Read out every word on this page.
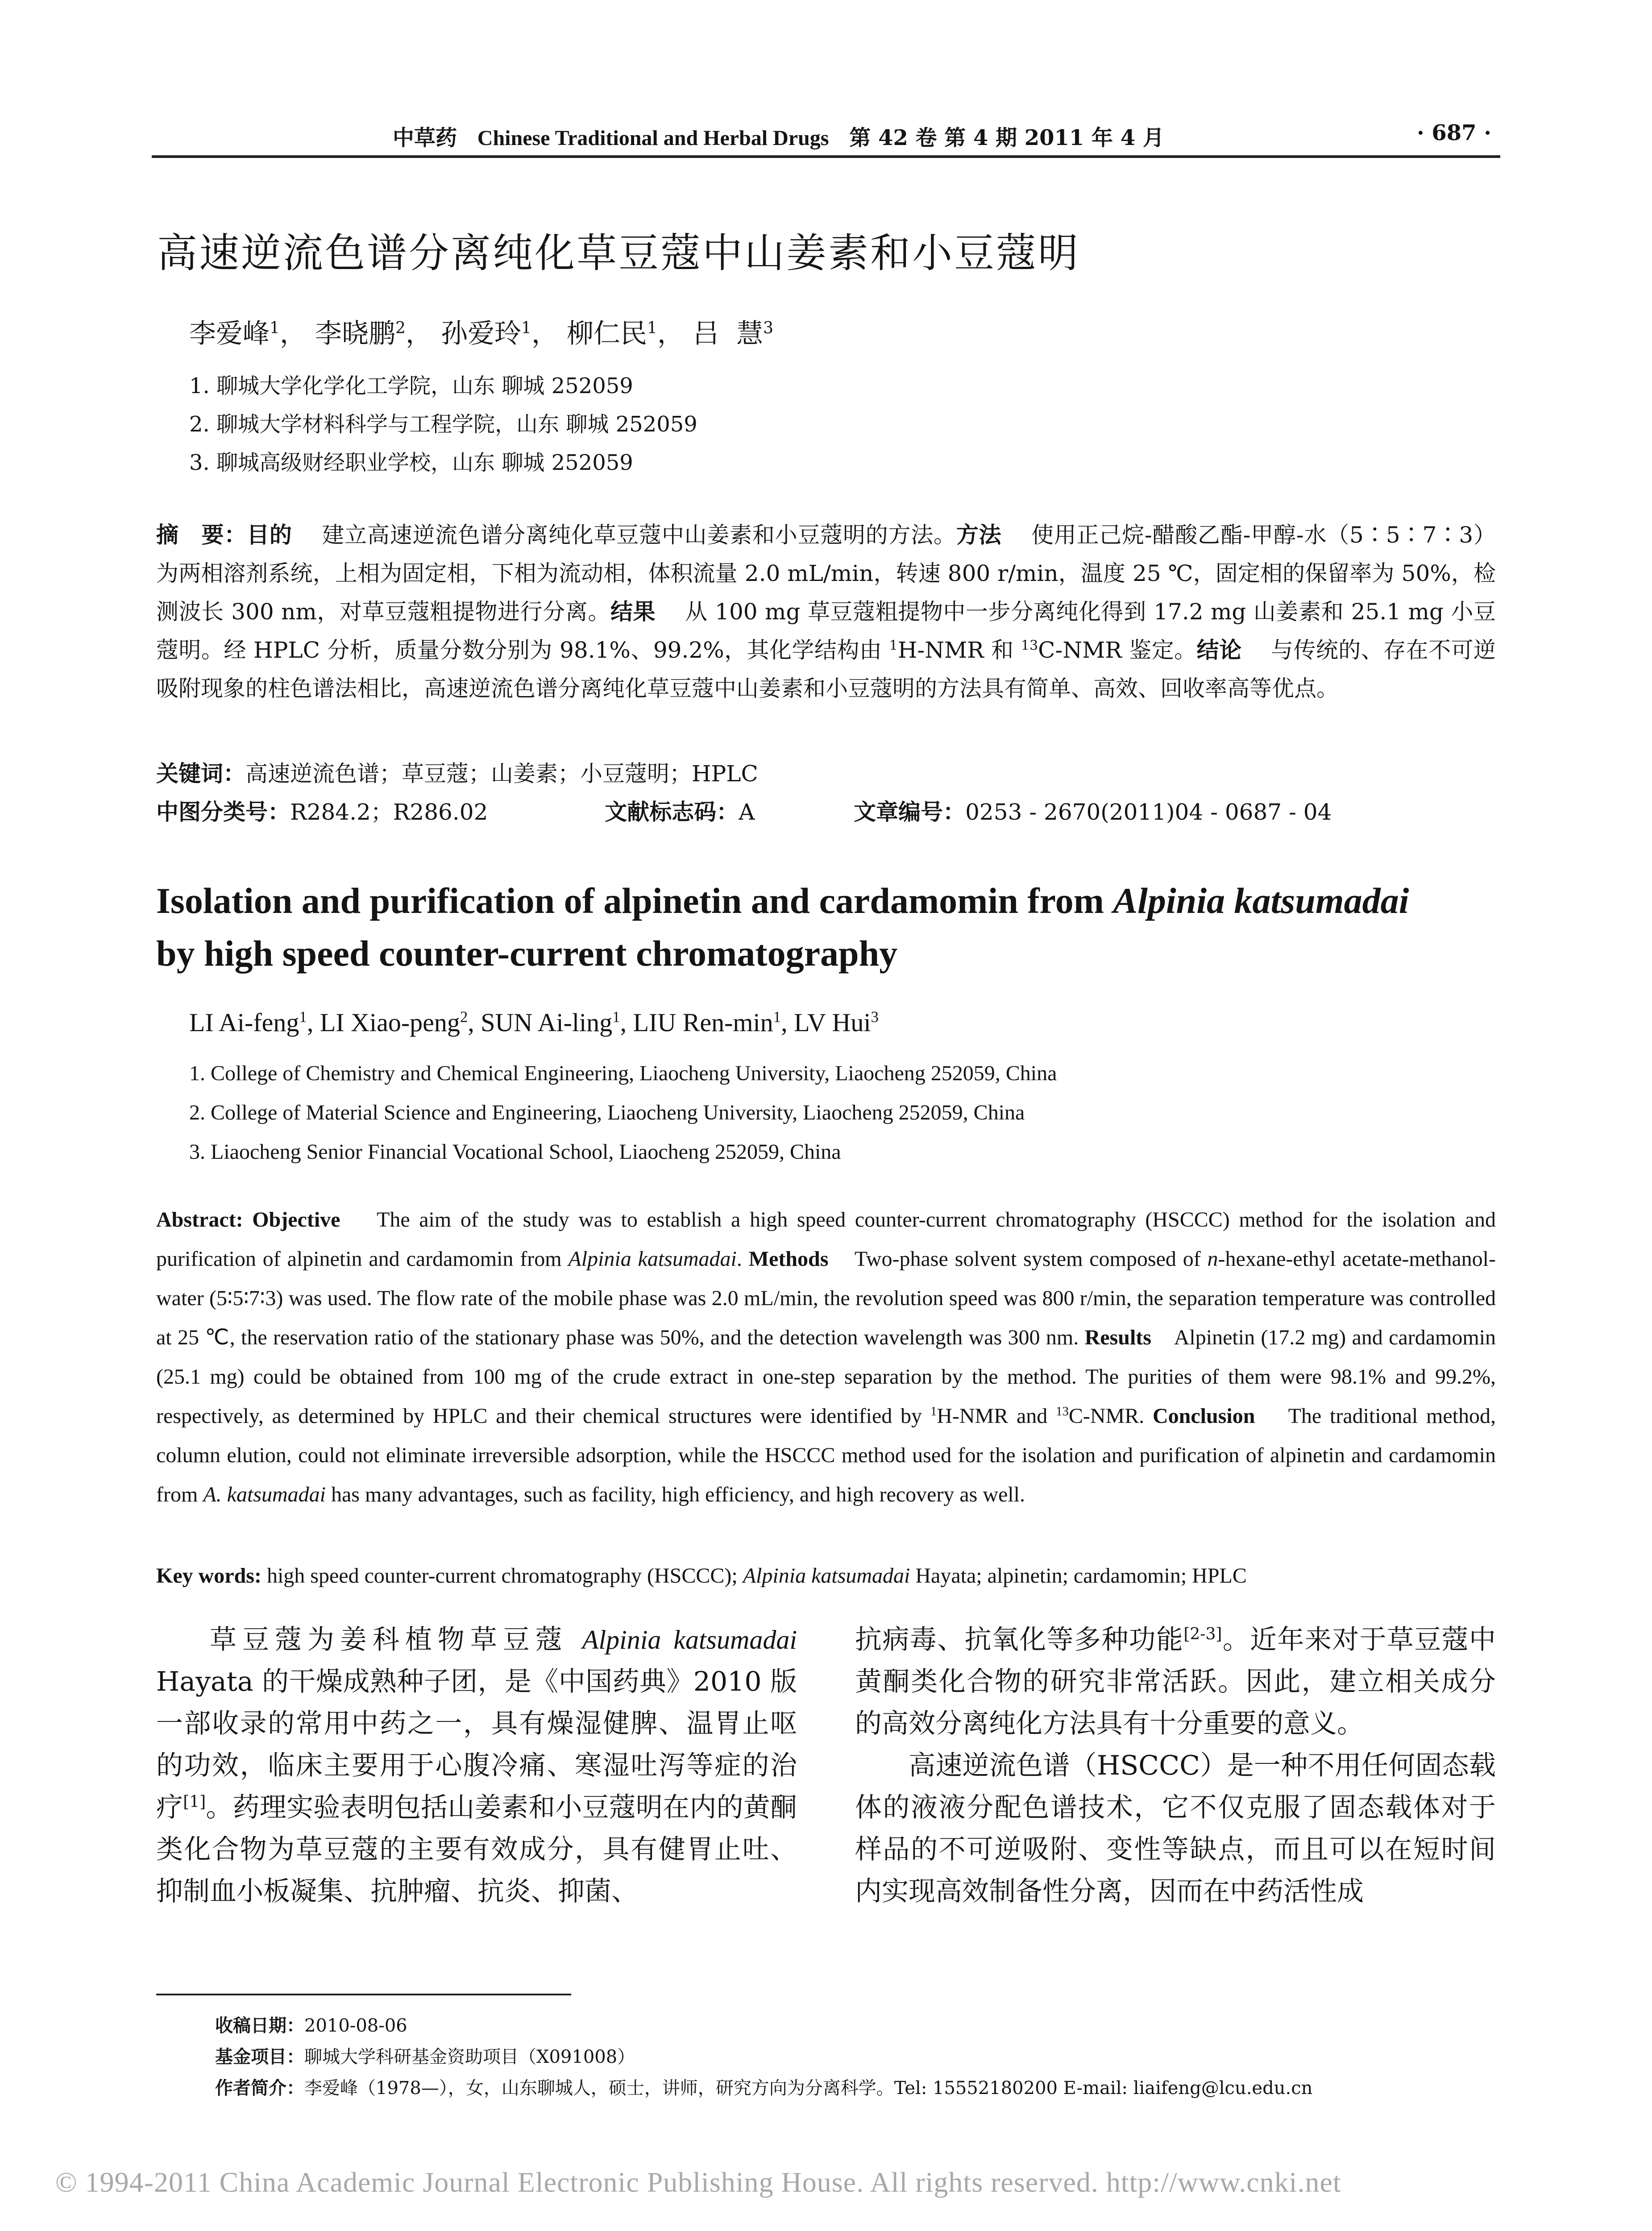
中草药 Chinese Traditional and Herbal Drugs 第 42 卷 第 4 期 2011 年 4 月	· 687 ·
高速逆流色谱分离纯化草豆蔻中山姜素和小豆蔻明
李爱峰$^1$， 李晓鹏$^2$， 孙爱玲$^1$， 柳仁民$^1$， 吕  慧$^3$
1. 聊城大学化学化工学院，山东 聊城 252059
2. 聊城大学材料科学与工程学院，山东 聊城 252059
3. 聊城高级财经职业学校，山东 聊城 252059
摘　要：目的 建立高速逆流色谱分离纯化草豆蔻中山姜素和小豆蔻明的方法。方法 使用正己烷-醋酸乙酯-甲醇-水（5∶5∶7∶3）为两相溶剂系统，上相为固定相，下相为流动相，体积流量 2.0 mL/min，转速 800 r/min，温度 25 ℃，固定相的保留率为 50%，检测波长 300 nm，对草豆蔻粗提物进行分离。结果 从 100 mg 草豆蔻粗提物中一步分离纯化得到 17.2 mg 山姜素和 25.1 mg 小豆蔻明。经 HPLC 分析，质量分数分别为 98.1%、99.2%，其化学结构由 $^1$H-NMR 和 $^{13}$C-NMR 鉴定。结论 与传统的、存在不可逆吸附现象的柱色谱法相比，高速逆流色谱分离纯化草豆蔻中山姜素和小豆蔻明的方法具有简单、高效、回收率高等优点。
关键词：高速逆流色谱；草豆蔻；山姜素；小豆蔻明；HPLC
中图分类号：R284.2；R286.02	文献标志码：A	文章编号：0253 - 2670(2011)04 - 0687 - 04
Isolation and purification of alpinetin and cardamomin from Alpinia katsumadai
by high speed counter-current chromatography
LI Ai-feng$^1$, LI Xiao-peng$^2$, SUN Ai-ling$^1$, LIU Ren-$\min^1$, LV Hui$^3$
1. College of Chemistry and Chemical Engineering, Liaocheng University, Liaocheng 252059, China
2. College of Material Science and Engineering, Liaocheng University, Liaocheng 252059, China
3. Liaocheng Senior Financial Vocational School, Liaocheng 252059, China
Abstract: Objective The aim of the study was to establish a high speed counter-current chromatography (HSCCC) method for the isolation and purification of alpinetin and cardamomin from Alpinia katsumadai. Methods Two-phase solvent system composed of n-hexane-ethyl acetate-methanol-water (5∶5∶7∶3) was used. The flow rate of the mobile phase was 2.0 mL/min, the revolution speed was 800 r/min, the separation temperature was controlled at 25 ℃, the reservation ratio of the stationary phase was 50%, and the detection wavelength was 300 nm. Results Alpinetin (17.2 mg) and cardamomin (25.1 mg) could be obtained from 100 mg of the crude extract in one-step separation by the method. The purities of them were 98.1% and 99.2%, respectively, as determined by HPLC and their chemical structures were identified by $^1$H-NMR and $^{13}$C-NMR. Conclusion The traditional method, column elution, could not eliminate irreversible adsorption, while the HSCCC method used for the isolation and purification of alpinetin and cardamomin from A. katsumadai has many advantages, such as facility, high efficiency, and high recovery as well.
Key words: high speed counter-current chromatography (HSCCC); Alpinia katsumadai Hayata; alpinetin; cardamomin; HPLC

草豆蔻为姜科植物草豆蔻 Alpinia katsumadai Hayata 的干燥成熟种子团，是《中国药典》2010 版一部收录的常用中药之一，具有燥湿健脾、温胃止呕的功效，临床主要用于心腹冷痛、寒湿吐泻等症的治疗[1]。药理实验表明包括山姜素和小豆蔻明在内的黄酮类化合物为草豆蔻的主要有效成分，具有健胃止吐、抑制血小板凝集、抗肿瘤、抗炎、抑菌、

抗病毒、抗氧化等多种功能[2-3]。近年来对于草豆蔻中黄酮类化合物的研究非常活跃。因此，建立相关成分的高效分离纯化方法具有十分重要的意义。

高速逆流色谱（HSCCC）是一种不用任何固态载体的液液分配色谱技术，它不仅克服了固态载体对于样品的不可逆吸附、变性等缺点，而且可以在短时间内实现高效制备性分离，因而在中药活性成

收稿日期：2010-08-06
基金项目：聊城大学科研基金资助项目（X091008）
作者简介：李爱峰（1978—），女，山东聊城人，硕士，讲师，研究方向为分离科学。Tel: 15552180200 E-mail: liaifeng@lcu.edu.cn
© 1994-2011 China Academic Journal Electronic Publishing House. All rights reserved. http://www.cnki.net
